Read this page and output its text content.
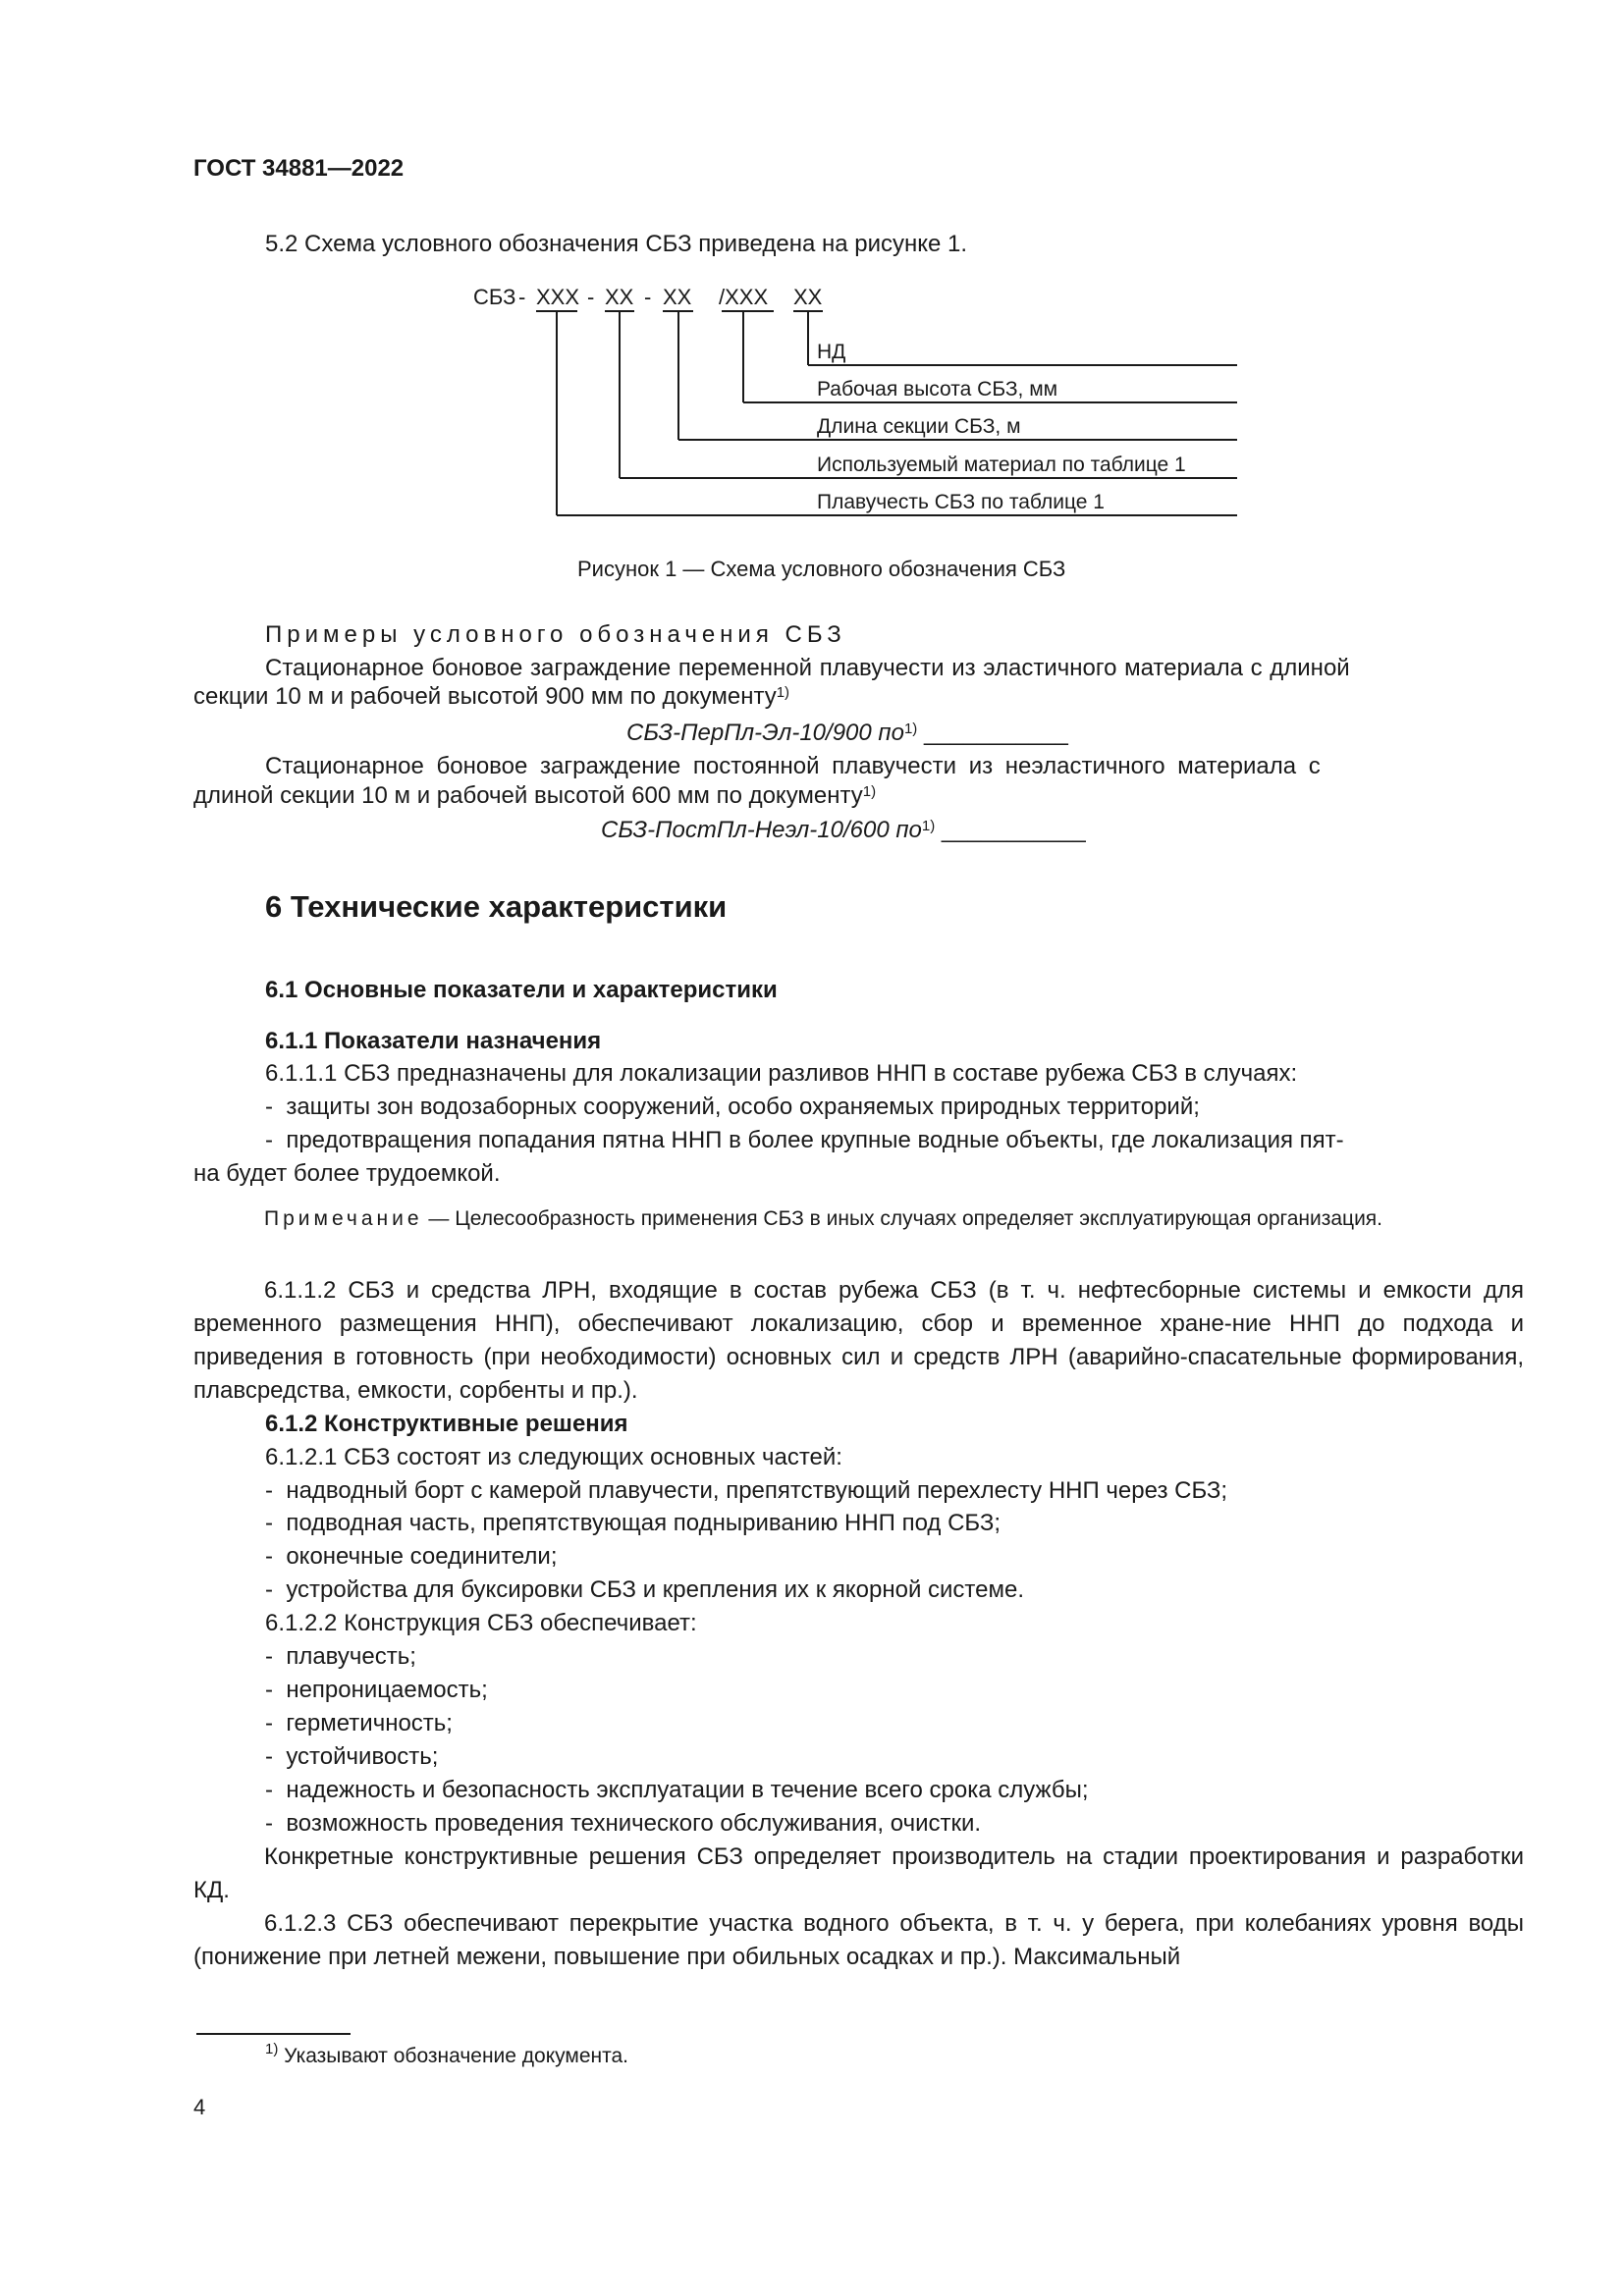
ГОСТ 34881—2022
5.2 Схема условного обозначения СБЗ приведена на рисунке 1.
СБЗ - XXX - XX - XX /XXX XX
НД
Рабочая высота СБЗ, мм
Длина секции СБЗ, м
Используемый материал по таблице 1
Плавучесть СБЗ по таблице 1
Рисунок 1 — Схема условного обозначения СБЗ
Примеры условного обозначения СБЗ
Стационарное боновое заграждение переменной плавучести из эластичного материала с длиной
секции 10 м и рабочей высотой 900 мм по документу$^{1)}$
СБЗ-ПерПл-Эл-10/900 $по^{1)}$ ___________
Стационарное боновое заграждение постоянной плавучести из неэластичного материала с
длиной секции 10 м и рабочей высотой 600 мм по документу$^{1)}$
СБЗ-ПостПл-Неэл-10/600 $по^{1)}$ ___________
6 Технические характеристики
6.1 Основные показатели и характеристики
6.1.1 Показатели назначения
6.1.1.1 СБЗ предназначены для локализации разливов ННП в составе рубежа СБЗ в случаях:
-  защиты зон водозаборных сооружений, особо охраняемых природных территорий;
-  предотвращения попадания пятна ННП в более крупные водные объекты, где локализация пят-
на будет более трудоемкой.
Примечание — Целесообразность применения СБЗ в иных случаях определяет эксплуатирующая организация.
6.1.1.2 СБЗ и средства ЛРН, входящие в состав рубежа СБЗ (в т. ч. нефтесборные системы и емкости для временного размещения ННП), обеспечивают локализацию, сбор и временное хране-ние ННП до подхода и приведения в готовность (при необходимости) основных сил и средств ЛРН (аварийно-спасательные формирования, плавсредства, емкости, сорбенты и пр.).
6.1.2 Конструктивные решения
6.1.2.1 СБЗ состоят из следующих основных частей:
-  надводный борт с камерой плавучести, препятствующий перехлесту ННП через СБЗ;
-  подводная часть, препятствующая подныриванию ННП под СБЗ;
-  оконечные соединители;
-  устройства для буксировки СБЗ и крепления их к якорной системе.
6.1.2.2 Конструкция СБЗ обеспечивает:
-  плавучесть;
-  непроницаемость;
-  герметичность;
-  устойчивость;
-  надежность и безопасность эксплуатации в течение всего срока службы;
-  возможность проведения технического обслуживания, очистки.
Конкретные конструктивные решения СБЗ определяет производитель на стадии проектирования и разработки КД.
6.1.2.3 СБЗ обеспечивают перекрытие участка водного объекта, в т. ч. у берега, при колебаниях уровня воды (понижение при летней межени, повышение при обильных осадках и пр.). Максимальный
$^{1)}$ Указывают обозначение документа.
4
